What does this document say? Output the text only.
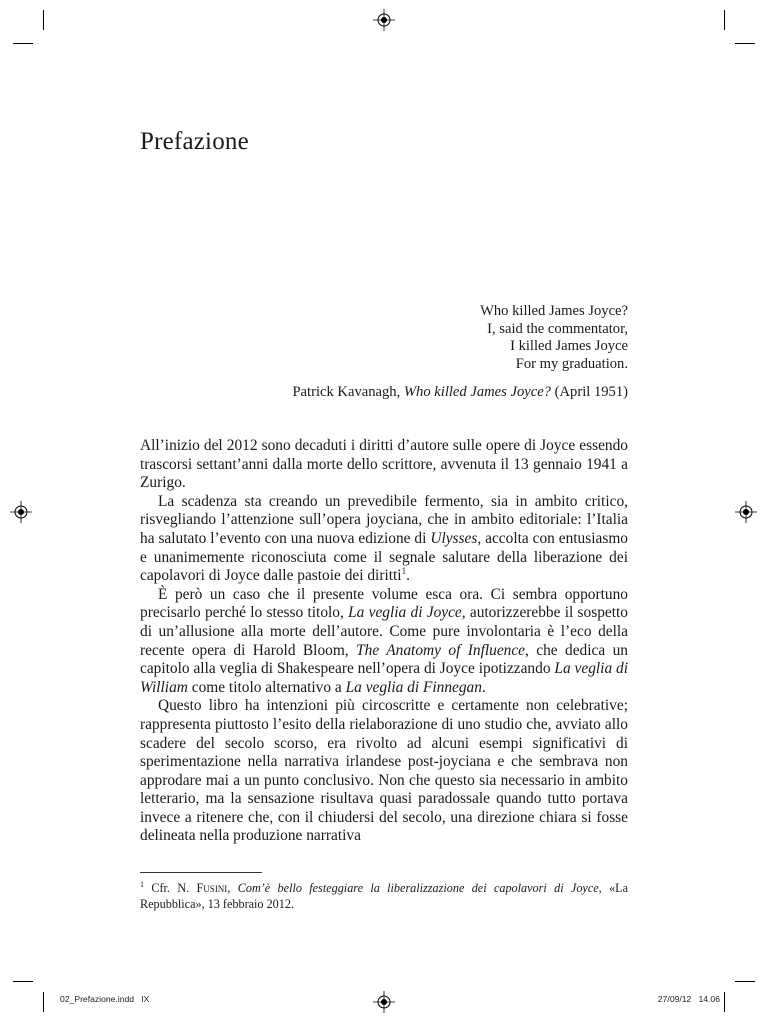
Prefazione
Who killed James Joyce?
I, said the commentator,
I killed James Joyce
For my graduation.
Patrick Kavanagh, Who killed James Joyce? (April 1951)

All’inizio del 2012 sono decaduti i diritti d’autore sulle opere di Joyce essendo trascorsi settant’anni dalla morte dello scrittore, avvenuta il 13 gennaio 1941 a Zurigo.

La scadenza sta creando un prevedibile fermento, sia in ambito critico, risvegliando l’attenzione sull’opera joyciana, che in ambito editoriale: l’Italia ha salutato l’evento con una nuova edizione di Ulysses, accolta con entusiasmo e unanimemente riconosciuta come il segnale salutare della liberazione dei capolavori di Joyce dalle pastoie dei diritti$^1$.

È però un caso che il presente volume esca ora. Ci sembra opportuno precisarlo perché lo stesso titolo, La veglia di Joyce, autorizzerebbe il sospetto di un’allusione alla morte dell’autore. Come pure involontaria è l’eco della recente opera di Harold Bloom, The Anatomy of Influence, che dedica un capitolo alla veglia di Shakespeare nell’opera di Joyce ipotizzando La veglia di William come titolo alternativo a La veglia di Finnegan.

Questo libro ha intenzioni più circoscritte e certamente non celebrative; rappresenta piuttosto l’esito della rielaborazione di uno studio che, avviato allo scadere del secolo scorso, era rivolto ad alcuni esempi significativi di sperimentazione nella narrativa irlandese post-joyciana e che sembrava non approdare mai a un punto conclusivo. Non che questo sia necessario in ambito letterario, ma la sensazione risultava quasi paradossale quando tutto portava invece a ritenere che, con il chiudersi del secolo, una direzione chiara si fosse delineata nella produzione narrativa

$^1$ Cfr. N. Fusini, Com’è bello festeggiare la liberalizzazione dei capolavori di Joyce, «La Repubblica», 13 febbraio 2012.
02_Prefazione.indd   IX	27/09/12   14.06
